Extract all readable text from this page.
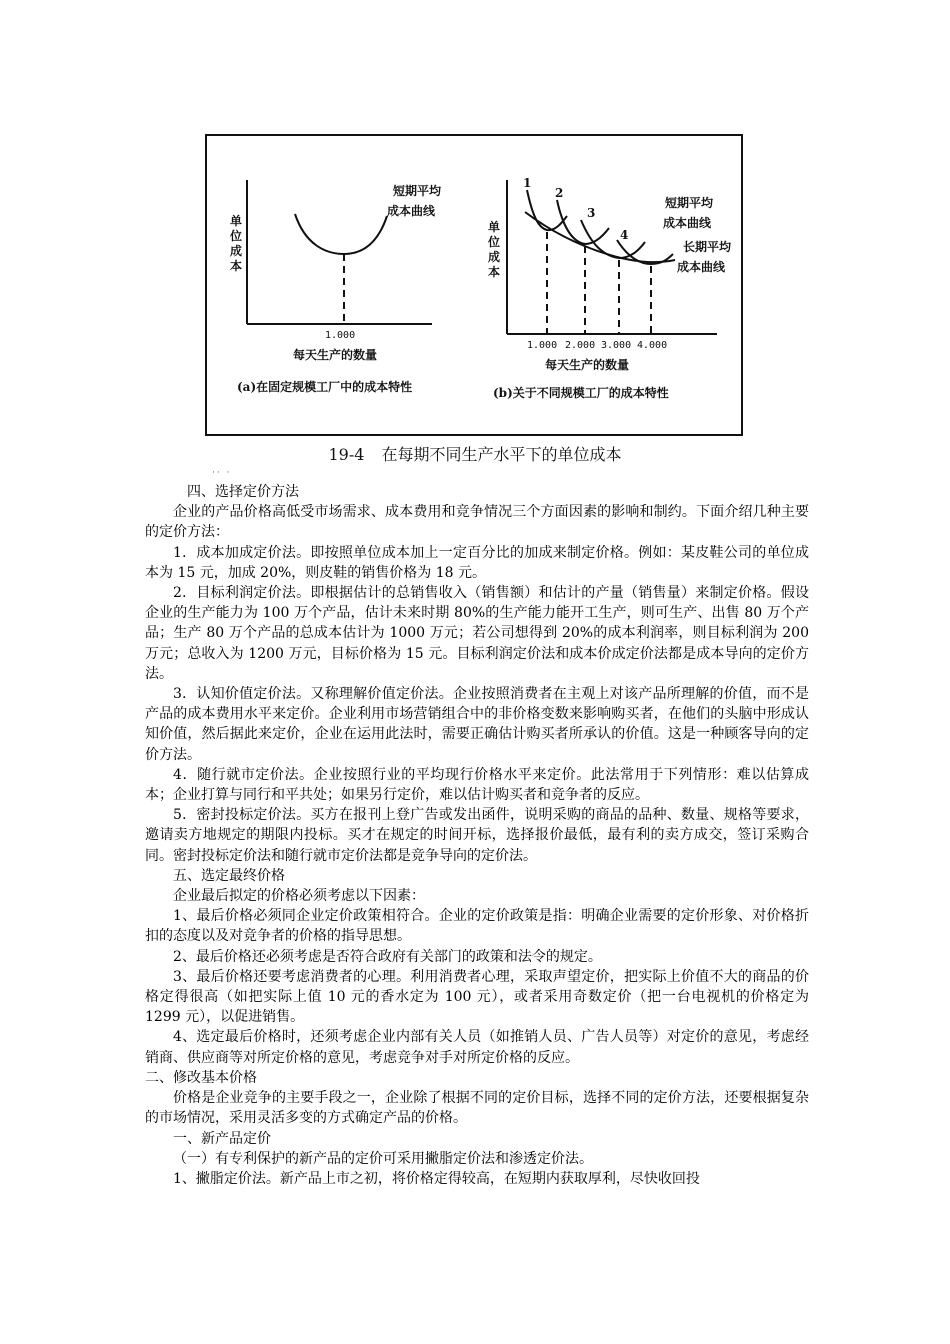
单位成本
短期平均
成本曲线
1.000
每天生产的数量
(a)在固定规模工厂中的成本特性
单位成本
1
2
3
4
短期平均
成本曲线
长期平均
成本曲线
1.000 2.000 3.000 4.000
每天生产的数量
(b)关于不同规模工厂的成本特性
19-4 在每期不同生产水平下的单位成本
·· ·

四、选择定价方法

企业的产品价格高低受市场需求、成本费用和竞争情况三个方面因素的影响和制约。下面介绍几种主要的定价方法：

1．成本加成定价法。即按照单位成本加上一定百分比的加成来制定价格。例如：某皮鞋公司的单位成本为 15 元，加成 20%，则皮鞋的销售价格为 18 元。

2．目标利润定价法。即根据估计的总销售收入（销售额）和估计的产量（销售量）来制定价格。假设企业的生产能力为 100 万个产品，估计未来时期 80%的生产能力能开工生产，则可生产、出售 80 万个产品；生产 80 万个产品的总成本估计为 1000 万元；若公司想得到 20%的成本利润率，则目标利润为 200 万元；总收入为 1200 万元，目标价格为 15 元。目标利润定价法和成本价成定价法都是成本导向的定价方法。

3．认知价值定价法。又称理解价值定价法。企业按照消费者在主观上对该产品所理解的价值，而不是产品的成本费用水平来定价。企业利用市场营销组合中的非价格变数来影响购买者，在他们的头脑中形成认知价值，然后据此来定价，企业在运用此法时，需要正确估计购买者所承认的价值。这是一种顾客导向的定价方法。

4．随行就市定价法。企业按照行业的平均现行价格水平来定价。此法常用于下列情形：难以估算成本；企业打算与同行和平共处；如果另行定价，难以估计购买者和竞争者的反应。

5．密封投标定价法。买方在报刊上登广告或发出函件，说明采购的商品的品种、数量、规格等要求，邀请卖方地规定的期限内投标。买才在规定的时间开标，选择报价最低，最有利的卖方成交，签订采购合同。密封投标定价法和随行就市定价法都是竞争导向的定价法。

五、选定最终价格

企业最后拟定的价格必须考虑以下因素：

1、最后价格必须同企业定价政策相符合。企业的定价政策是指：明确企业需要的定价形象、对价格折扣的态度以及对竞争者的价格的指导思想。

2、最后价格还必须考虑是否符合政府有关部门的政策和法令的规定。

3、最后价格还要考虑消费者的心理。利用消费者心理，采取声望定价，把实际上价值不大的商品的价格定得很高（如把实际上值 10 元的香水定为 100 元），或者采用奇数定价（把一台电视机的价格定为 1299 元），以促进销售。

4、选定最后价格时，还须考虑企业内部有关人员（如推销人员、广告人员等）对定价的意见，考虑经销商、供应商等对所定价格的意见，考虑竞争对手对所定价格的反应。

二、修改基本价格

价格是企业竞争的主要手段之一，企业除了根据不同的定价目标，选择不同的定价方法，还要根据复杂的市场情况，采用灵活多变的方式确定产品的价格。

一、新产品定价

（一）有专利保护的新产品的定价可采用撇脂定价法和渗透定价法。

1、撇脂定价法。新产品上市之初，将价格定得较高，在短期内获取厚利，尽快收回投
